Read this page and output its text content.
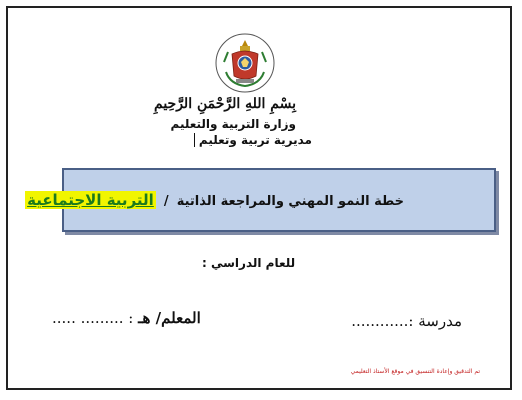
بِسْمِ اللهِ الرَّحْمَنِ الرَّحِيمِ
وزارة التربية والتعليم
مديرية تربية وتعليم
خطة النمو المهني والمراجعة الذاتية / التربية الاجتماعية
للعام الدراسي :
مدرسة :............
المعلم/ هـ : ......... .....
تم التدقيق وإعادة التنسيق في موقع الأستاذ التعليمي
